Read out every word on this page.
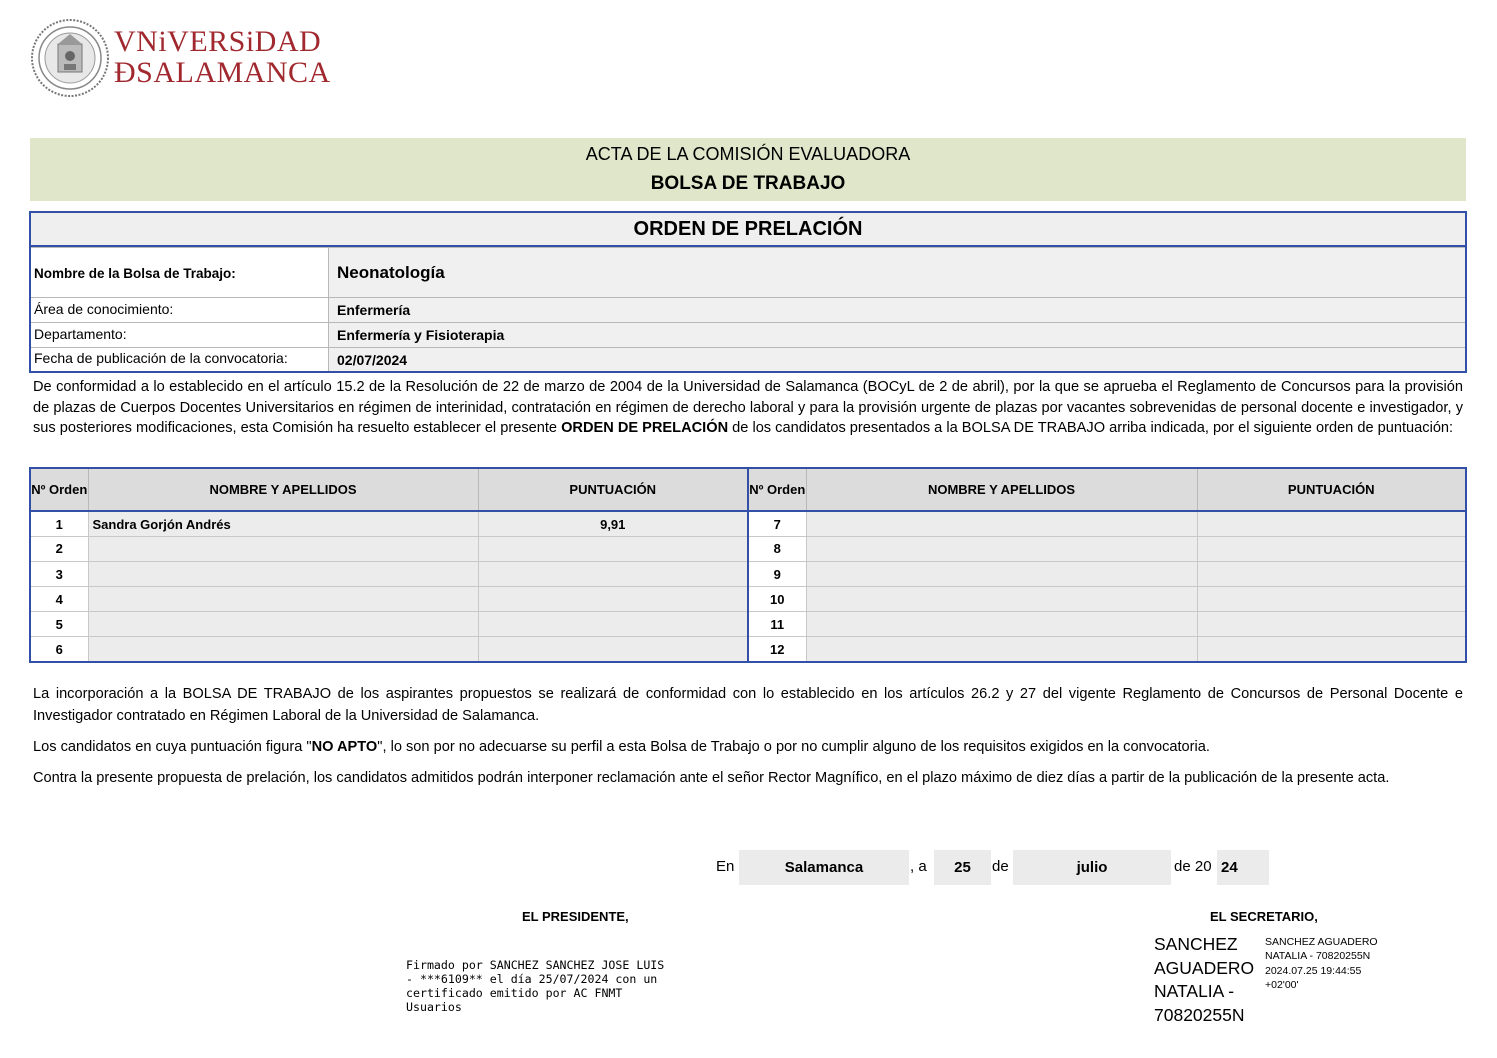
VNiVERSiDAD
ÐSALAMANCA
ACTA DE LA COMISIÓN EVALUADORA
BOLSA DE TRABAJO
ORDEN DE PRELACIÓN
Nombre de la Bolsa de Trabajo:	Neonatología
Área de conocimiento:	Enfermería
Departamento:	Enfermería y Fisioterapia
Fecha de publicación de la convocatoria:	02/07/2024
De conformidad a lo establecido en el artículo 15.2 de la Resolución de 22 de marzo de 2004 de la Universidad de Salamanca (BOCyL de 2 de abril), por la que se aprueba el Reglamento de Concursos para la provisión de plazas de Cuerpos Docentes Universitarios en régimen de interinidad, contratación en régimen de derecho laboral y para la provisión urgente de plazas por vacantes sobrevenidas de personal docente e investigador, y sus posteriores modificaciones, esta Comisión ha resuelto establecer el presente ORDEN DE PRELACIÓN de los candidatos presentados a la BOLSA DE TRABAJO arriba indicada, por el siguiente orden de puntuación:
Nº Orden	NOMBRE Y APELLIDOS	PUNTUACIÓN	Nº Orden	NOMBRE Y APELLIDOS	PUNTUACIÓN
1	Sandra Gorjón Andrés	9,91	7		
2			8		
3			9		
4			10		
5			11		
6			12		
La incorporación a la BOLSA DE TRABAJO de los aspirantes propuestos se realizará de conformidad con lo establecido en los artículos 26.2 y 27 del vigente Reglamento de Concursos de Personal Docente e Investigador contratado en Régimen Laboral de la Universidad de Salamanca.
Los candidatos en cuya puntuación figura "NO APTO", lo son por no adecuarse su perfil a esta Bolsa de Trabajo o por no cumplir alguno de los requisitos exigidos en la convocatoria.
Contra la presente propuesta de prelación, los candidatos admitidos podrán interponer reclamación ante el señor Rector Magnífico, en el plazo máximo de diez días a partir de la publicación de la presente acta.
En	Salamanca	, a	25	de	julio	de 20 24
EL PRESIDENTE,
Firmado por SANCHEZ SANCHEZ JOSE LUIS
- ***6109** el día 25/07/2024 con un
certificado emitido por AC FNMT
Usuarios
EL SECRETARIO,
SANCHEZ AGUADERO NATALIA - 70820255N
SANCHEZ AGUADERO NATALIA - 70820255N 2024.07.25 19:44:55 +02'00'
